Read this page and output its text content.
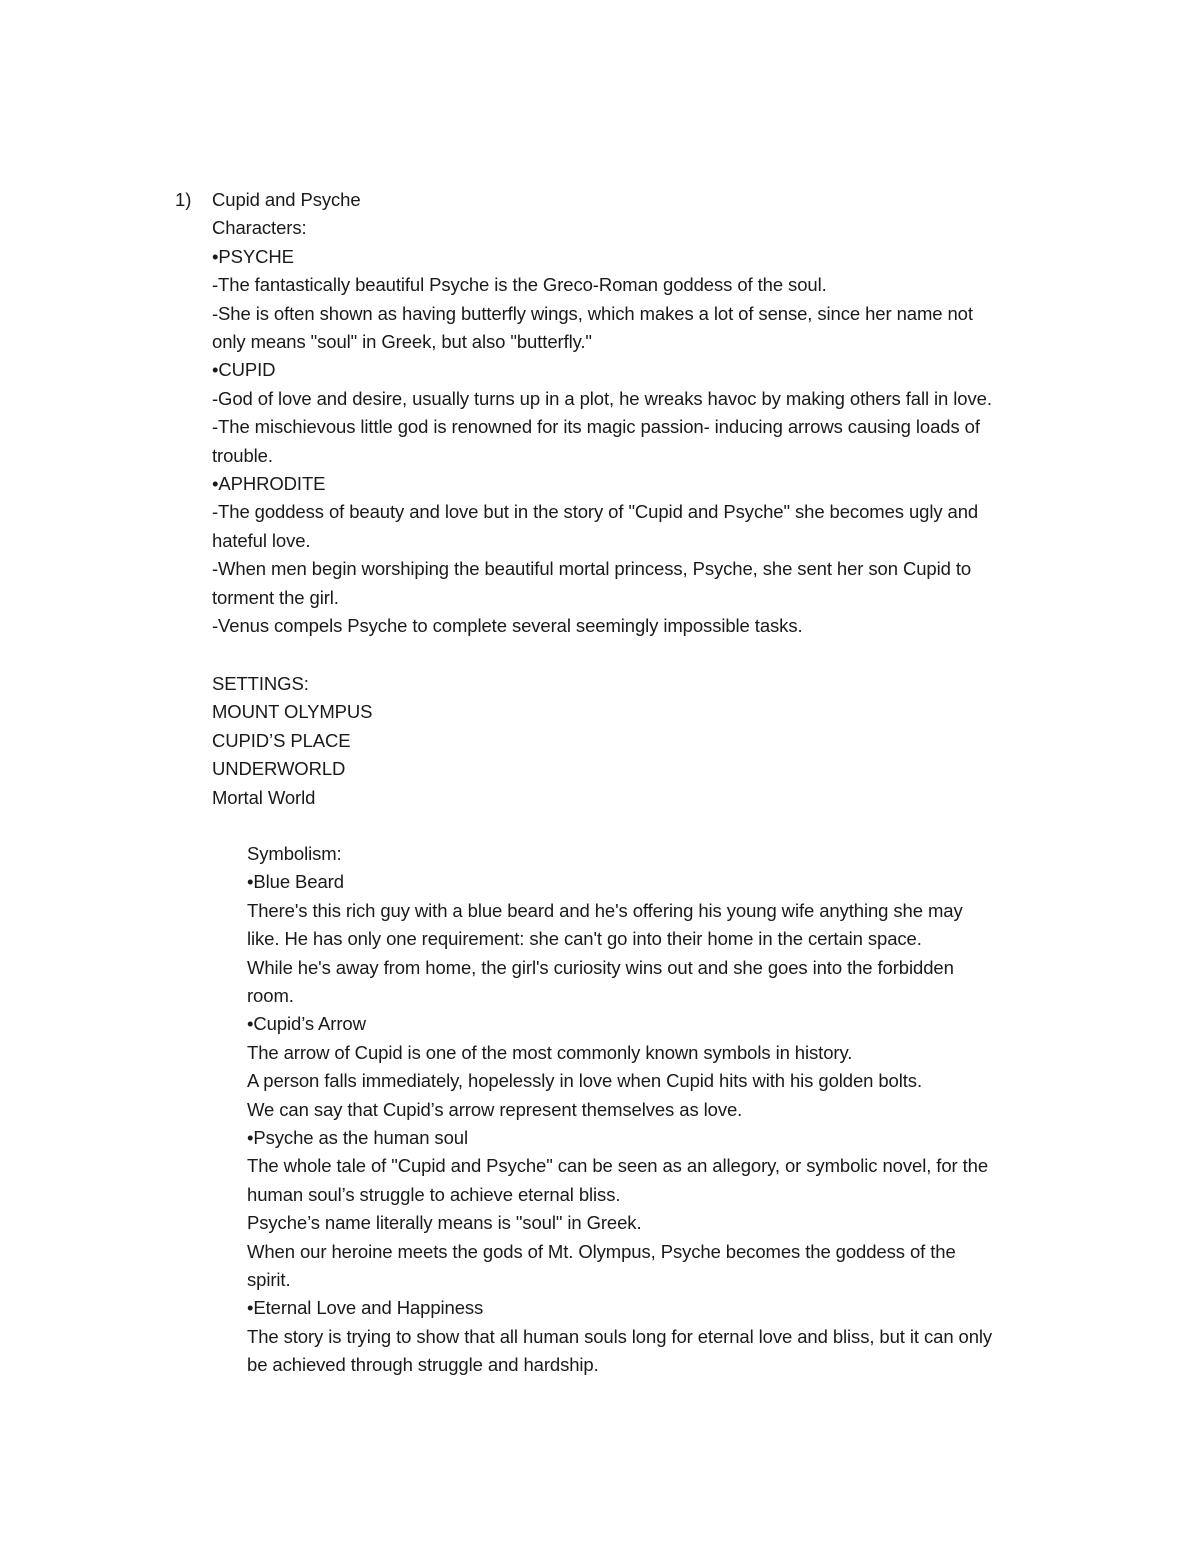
1) Cupid and Psyche
Characters:
•PSYCHE
-The fantastically beautiful Psyche is the Greco-Roman goddess of the soul.
-She is often shown as having butterfly wings, which makes a lot of sense, since her name not
only means "soul" in Greek, but also "butterfly."
•CUPID
-God of love and desire, usually turns up in a plot, he wreaks havoc by making others fall in love.
-The mischievous little god is renowned for its magic passion- inducing arrows causing loads of
trouble.
•APHRODITE
-The goddess of beauty and love but in the story of "Cupid and Psyche" she becomes ugly and
hateful love.
-When men begin worshiping the beautiful mortal princess, Psyche, she sent her son Cupid to
torment the girl.
-Venus compels Psyche to complete several seemingly impossible tasks.
SETTINGS:
MOUNT OLYMPUS
CUPID’S PLACE
UNDERWORLD
Mortal World
Symbolism:
•Blue Beard
There's this rich guy with a blue beard and he's offering his young wife anything she may
like. He has only one requirement: she can't go into their home in the certain space.
While he's away from home, the girl's curiosity wins out and she goes into the forbidden
room.
•Cupid’s Arrow
The arrow of Cupid is one of the most commonly known symbols in history.
A person falls immediately, hopelessly in love when Cupid hits with his golden bolts.
We can say that Cupid’s arrow represent themselves as love.
•Psyche as the human soul
The whole tale of "Cupid and Psyche" can be seen as an allegory, or symbolic novel, for the
human soul’s struggle to achieve eternal bliss.
Psyche’s name literally means is "soul" in Greek.
When our heroine meets the gods of Mt. Olympus, Psyche becomes the goddess of the
spirit.
•Eternal Love and Happiness
The story is trying to show that all human souls long for eternal love and bliss, but it can only
be achieved through struggle and hardship.
